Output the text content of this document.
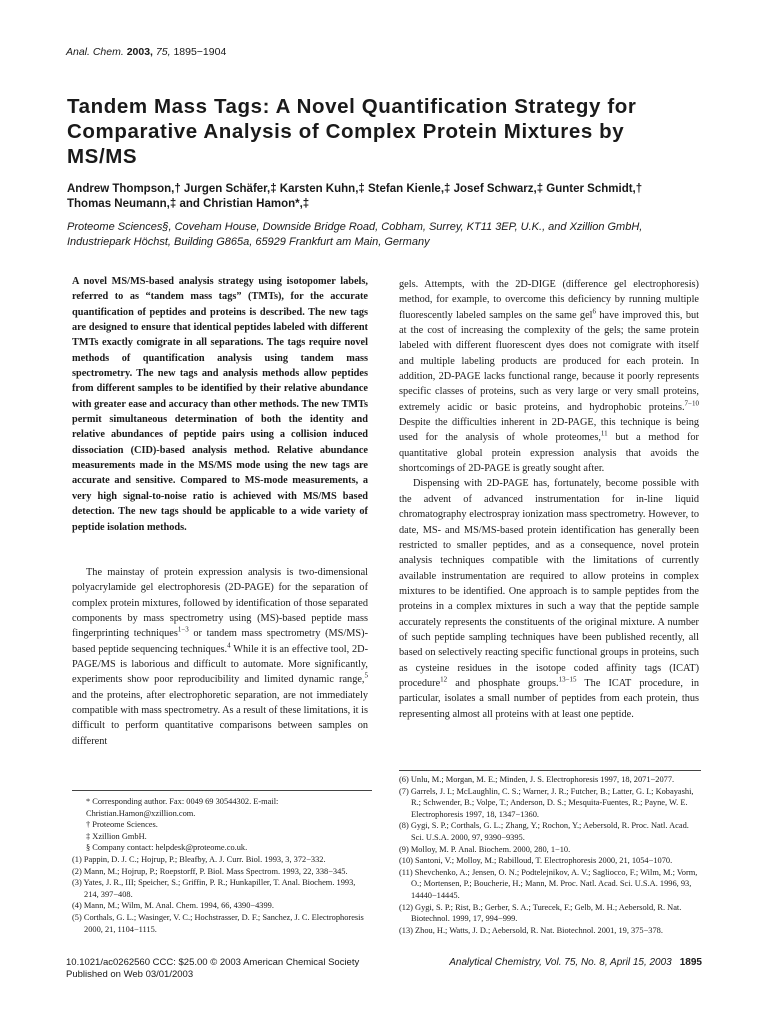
Anal. Chem. 2003, 75, 1895−1904
Tandem Mass Tags: A Novel Quantification Strategy for Comparative Analysis of Complex Protein Mixtures by MS/MS
Andrew Thompson,† Jurgen Schäfer,‡ Karsten Kuhn,‡ Stefan Kienle,‡ Josef Schwarz,‡ Gunter Schmidt,† Thomas Neumann,‡ and Christian Hamon*,‡
Proteome Sciences§, Coveham House, Downside Bridge Road, Cobham, Surrey, KT11 3EP, U.K., and Xzillion GmbH, Industriepark Höchst, Building G865a, 65929 Frankfurt am Main, Germany

A novel MS/MS-based analysis strategy using isotopomer labels, referred to as “tandem mass tags” (TMTs), for the accurate quantification of peptides and proteins is described. The new tags are designed to ensure that identical peptides labeled with different TMTs exactly comigrate in all separations. The tags require novel methods of quantification analysis using tandem mass spectrometry. The new tags and analysis methods allow peptides from different samples to be identified by their relative abundance with greater ease and accuracy than other methods. The new TMTs permit simultaneous determination of both the identity and relative abundances of peptide pairs using a collision induced dissociation (CID)-based analysis method. Relative abundance measurements made in the MS/MS mode using the new tags are accurate and sensitive. Compared to MS-mode measurements, a very high signal-to-noise ratio is achieved with MS/MS based detection. The new tags should be applicable to a wide variety of peptide isolation methods.

The mainstay of protein expression analysis is two-dimensional polyacrylamide gel electrophoresis (2D-PAGE) for the separation of complex protein mixtures, followed by identification of those separated components by mass spectrometry using (MS)-based peptide mass fingerprinting techniques$^{1-3}$ or tandem mass spectrometry (MS/MS)-based peptide sequencing techniques.$^4$ While it is an effective tool, 2D-PAGE/MS is laborious and difficult to automate. More significantly, experiments show poor reproducibility and limited dynamic range,$^5$ and the proteins, after electrophoretic separation, are not immediately compatible with mass spectrometry. As a result of these limitations, it is difficult to perform quantitative comparisons between samples on different

gels. Attempts, with the 2D-DIGE (difference gel electrophoresis) method, for example, to overcome this deficiency by running multiple fluorescently labeled samples on the same gel$^6$ have improved this, but at the cost of increasing the complexity of the gels; the same protein labeled with different fluorescent dyes does not comigrate with itself and multiple labeling products are produced for each protein. In addition, 2D-PAGE lacks functional range, because it poorly represents specific classes of proteins, such as very large or very small proteins, extremely acidic or basic proteins, and hydrophobic proteins.$^{7-10}$ Despite the difficulties inherent in 2D-PAGE, this technique is being used for the analysis of whole proteomes,$^{11}$ but a method for quantitative global protein expression analysis that avoids the shortcomings of 2D-PAGE is greatly sought after.

Dispensing with 2D-PAGE has, fortunately, become possible with the advent of advanced instrumentation for in-line liquid chromatography electrospray ionization mass spectrometry. However, to date, MS- and MS/MS-based protein identification has generally been restricted to smaller peptides, and as a consequence, novel protein analysis techniques compatible with the limitations of currently available instrumentation are required to allow proteins in complex mixtures to be identified. One approach is to sample peptides from the proteins in a complex mixtures in such a way that the peptide sample accurately represents the constituents of the original mixture. A number of such peptide sampling techniques have been published recently, all based on selectively reacting specific functional groups in proteins, such as cysteine residues in the isotope coded affinity tags (ICAT) procedure$^{12}$ and phosphate groups.$^{13-15}$ The ICAT procedure, in particular, isolates a small number of peptides from each protein, thus representing almost all proteins with at least one peptide.

* Corresponding author. Fax: 0049 69 30544302. E-mail: Christian.Hamon@xzillion.com.
† Proteome Sciences.
‡ Xzillion GmbH.
§ Company contact: helpdesk@proteome.co.uk.
(1) Pappin, D. J. C.; Hojrup, P.; Bleafby, A. J. Curr. Biol. 1993, 3, 372−332.
(2) Mann, M.; Hojrup, P.; Roepstorff, P. Biol. Mass Spectrom. 1993, 22, 338−345.
(3) Yates, J. R., III; Speicher, S.; Griffin, P. R.; Hunkapiller, T. Anal. Biochem. 1993, 214, 397−408.
(4) Mann, M.; Wilm, M. Anal. Chem. 1994, 66, 4390−4399.
(5) Corthals, G. L.; Wasinger, V. C.; Hochstrasser, D. F.; Sanchez, J. C. Electrophoresis 2000, 21, 1104−1115.
(6) Unlu, M.; Morgan, M. E.; Minden, J. S. Electrophoresis 1997, 18, 2071−2077.
(7) Garrels, J. I.; McLaughlin, C. S.; Warner, J. R.; Futcher, B.; Latter, G. I.; Kobayashi, R.; Schwender, B.; Volpe, T.; Anderson, D. S.; Mesquita-Fuentes, R.; Payne, W. E. Electrophoresis 1997, 18, 1347−1360.
(8) Gygi, S. P.; Corthals, G. L.; Zhang, Y.; Rochon, Y.; Aebersold, R. Proc. Natl. Acad. Sci. U.S.A. 2000, 97, 9390−9395.
(9) Molloy, M. P. Anal. Biochem. 2000, 280, 1−10.
(10) Santoni, V.; Molloy, M.; Rabilloud, T. Electrophoresis 2000, 21, 1054−1070.
(11) Shevchenko, A.; Jensen, O. N.; Podtelejnikov, A. V.; Sagliocco, F.; Wilm, M.; Vorm, O.; Mortensen, P.; Boucherie, H.; Mann, M. Proc. Natl. Acad. Sci. U.S.A. 1996, 93, 14440−14445.
(12) Gygi, S. P.; Rist, B.; Gerber, S. A.; Turecek, F.; Gelb, M. H.; Aebersold, R. Nat. Biotechnol. 1999, 17, 994−999.
(13) Zhou, H.; Watts, J. D.; Aebersold, R. Nat. Biotechnol. 2001, 19, 375−378.
10.1021/ac0262560 CCC: $25.00 © 2003 American Chemical Society
Published on Web 03/01/2003
Analytical Chemistry, Vol. 75, No. 8, April 15, 2003 1895
